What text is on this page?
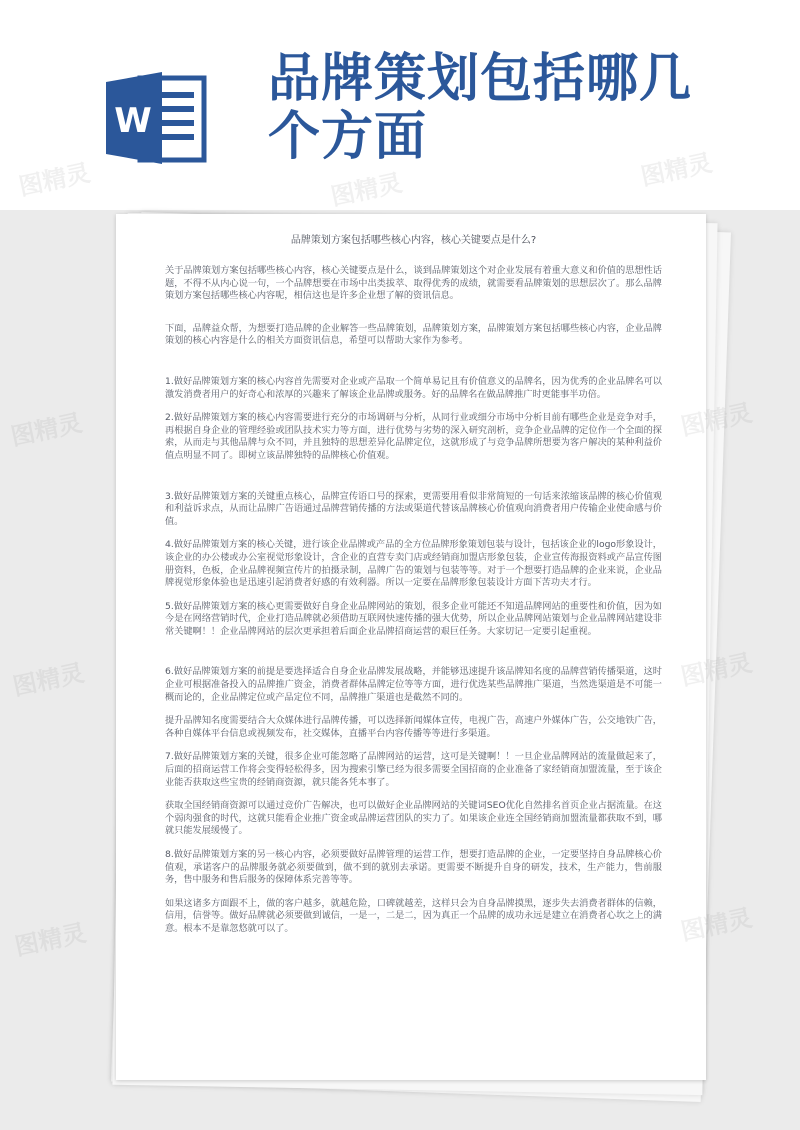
W
品牌策划包括哪几
个方面
品牌策划方案包括哪些核心内容，核心关键要点是什么?

关于品牌策划方案包括哪些核心内容，核心关键要点是什么，谈到品牌策划这个对企业发展有着重大意义和价值的思想性话题，不得不从内心说一句，一个品牌想要在市场中出类拔萃、取得优秀的成绩，就需要看品牌策划的思想层次了。那么品牌策划方案包括哪些核心内容呢，相信这也是许多企业想了解的资讯信息。

下面，品牌益众帮，为想要打造品牌的企业解答一些品牌策划，品牌策划方案，品牌策划方案包括哪些核心内容，企业品牌策划的核心内容是什么的相关方面资讯信息，希望可以帮助大家作为参考。

1.做好品牌策划方案的核心内容首先需要对企业或产品取一个简单易记且有价值意义的品牌名，因为优秀的企业品牌名可以激发消费者用户的好奇心和浓厚的兴趣来了解该企业品牌或服务。好的品牌名在做品牌推广时更能事半功倍。

2.做好品牌策划方案的核心内容需要进行充分的市场调研与分析，从同行业或细分市场中分析目前有哪些企业是竞争对手，再根据自身企业的管理经验或团队技术实力等方面，进行优势与劣势的深入研究剖析，竞争企业品牌的定位作一个全面的探索，从而走与其他品牌与众不同，并且独特的思想差异化品牌定位，这就形成了与竞争品牌所想要为客户解决的某种利益价值点明显不同了。即树立该品牌独特的品牌核心价值观。

3.做好品牌策划方案的关键重点核心，品牌宣传语口号的探索，更需要用看似非常简短的一句话来浓缩该品牌的核心价值观和利益诉求点，从而让品牌广告语通过品牌营销传播的方法或渠道代替该品牌核心价值观向消费者用户传输企业使命感与价值。

4.做好品牌策划方案的核心关键，进行该企业品牌或产品的全方位品牌形象策划包装与设计，包括该企业的logo形象设计，该企业的办公楼或办公室视觉形象设计，含企业的直营专卖门店或经销商加盟店形象包装，企业宣传海报资料或产品宣传图册资料，色板，企业品牌视频宣传片的拍摄录制，品牌广告的策划与包装等等。对于一个想要打造品牌的企业来说，企业品牌视觉形象体验也是迅速引起消费者好感的有效利器。所以一定要在品牌形象包装设计方面下苦功夫才行。

5.做好品牌策划方案的核心更需要做好自身企业品牌网站的策划，很多企业可能还不知道品牌网站的重要性和价值，因为如今是在网络营销时代，企业打造品牌就必须借助互联网快速传播的强大优势，所以企业品牌网站策划与企业品牌网站建设非常关键啊！！企业品牌网站的层次更承担着后面企业品牌招商运营的艰巨任务。大家切记一定要引起重视。

6.做好品牌策划方案的前提是要选择适合自身企业品牌发展战略，并能够迅速提升该品牌知名度的品牌营销传播渠道，这时企业可根据准备投入的品牌推广资金，消费者群体品牌定位等等方面，进行优选某些品牌推广渠道，当然选渠道是不可能一概而论的，企业品牌定位或产品定位不同，品牌推广渠道也是截然不同的。

提升品牌知名度需要结合大众媒体进行品牌传播，可以选择新闻媒体宣传，电视广告，高速户外媒体广告，公交地铁广告，各种自媒体平台信息或视频发布，社交媒体，直播平台内容传播等等进行多渠道。

7.做好品牌策划方案的关键，很多企业可能忽略了品牌网站的运营，这可是关键啊！！一旦企业品牌网站的流量做起来了，后面的招商运营工作将会变得轻松得多，因为搜索引擎已经为很多需要全国招商的企业准备了家经销商加盟流量，至于该企业能否获取这些宝贵的经销商资源，就只能各凭本事了。

获取全国经销商资源可以通过竞价广告解决，也可以做好企业品牌网站的关键词SEO优化自然排名首页企业占据流量。在这个弱肉强食的时代，这就只能看企业推广资金或品牌运营团队的实力了。如果该企业连全国经销商加盟流量都获取不到，哪就只能发展缓慢了。

8.做好品牌策划方案的另一核心内容，必须要做好品牌管理的运营工作，想要打造品牌的企业，一定要坚持自身品牌核心价值观，承诺客户的品牌服务就必须要做到，做不到的就别去承诺。更需要不断提升自身的研发，技术，生产能力，售前服务，售中服务和售后服务的保障体系完善等等。

如果这诸多方面跟不上，做的客户越多，就越危险，口碑就越差，这样只会为自身品牌摸黑，逐步失去消费者群体的信赖，信用，信誉等。做好品牌就必须要做到诚信，一是一，二是二，因为真正一个品牌的成功永远是建立在消费者心坎之上的满意。根本不是靠忽悠就可以了。

图精灵
图精灵	图精灵
图精灵	图精灵
